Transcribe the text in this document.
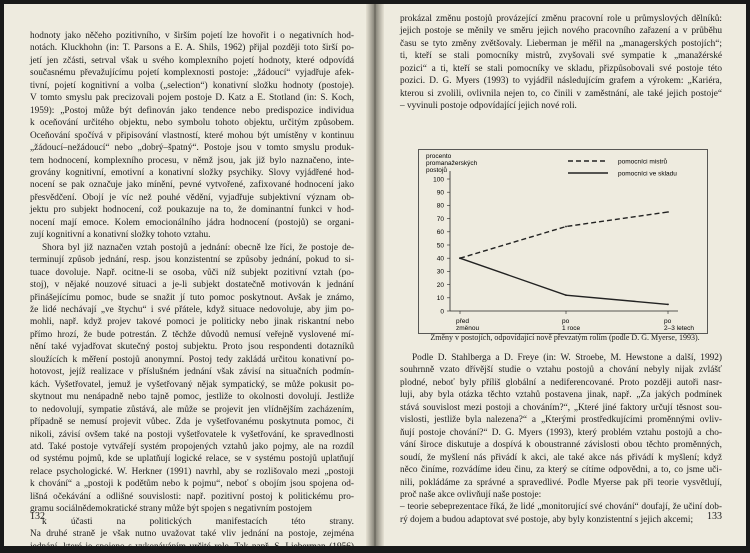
hodnoty jako něčeho pozitivního, v širším pojetí lze hovořit i o negativních hod-
notách. Kluckhohn (in: T. Parsons a E. A. Shils, 1962) přijal později toto širší po-
jetí jen zčásti, setrval však u svého komplexního pojetí hodnoty, které odpovídá
současnému převažujícímu pojetí komplexnosti postoje: „žádoucí“ vyjadřuje afek-
tivní, pojetí kognitivní a volba („selection“) konativní složku hodnoty (postoje).
V tomto smyslu pak precizovali pojem postoje D. Katz a E. Stotland (in: S. Koch,
1959): „Postoj může být definován jako tendence nebo predispozice individua
k oceňování určitého objektu, nebo symbolu tohoto objektu, určitým způsobem.
Oceňování spočívá v připisování vlastností, které mohou být umístěny v kontinuu
„žádoucí–nežádoucí“ nebo „dobrý–špatný“. Postoje jsou v tomto smyslu produk-
tem hodnocení, komplexního procesu, v němž jsou, jak již bylo naznačeno, inte-
grovány kognitivní, emotivní a konativní složky psychiky. Slovy vyjádřené hod-
nocení se pak označuje jako mínění, pevné vytvořené, zafixované hodnocení jako
přesvědčení. Obojí je víc než pouhé vědění, vyjadřuje subjektivní význam ob-
jektu pro subjekt hodnocení, což poukazuje na to, že dominantní funkci v hod-
nocení mají emoce. Kolem emocionálního jádra hodnocení (postojů) se organi-
zují kognitivní a konativní složky tohoto vztahu.
Shora byl již naznačen vztah postojů a jednání: obecně lze říci, že postoje de-
terminují způsob jednání, resp. jsou konzistentní se způsoby jednání, pokud to si-
tuace dovoluje. Např. ocitne-li se osoba, vůči níž subjekt pozitivní vztah (po-
stoj), v nějaké nouzové situaci a je-li subjekt dostatečně motivován k jednání
přinášejícímu pomoc, bude se snažit jí tuto pomoc poskytnout. Avšak je známo,
že lidé nechávají „ve štychu“ i své přátele, když situace nedovoluje, aby jim po-
mohli, např. když projev takové pomoci je politicky nebo jinak riskantní nebo
přímo hrozí, že bude potrestán. Z těchže důvodů nemusí veřejně vyslovené mí-
nění také vyjadřovat skutečný postoj subjektu. Proto jsou respondenti dotazníků
sloužících k měření postojů anonymní. Postoj tedy zakládá určitou konativní po-
hotovost, jejíž realizace v příslušném jednání však závisí na situačních podmín-
kách. Vyšetřovatel, jemuž je vyšetřovaný nějak sympatický, se může pokusit po-
skytnout mu nenápadně nebo tajně pomoc, jestliže to okolnosti dovolují. Jestliže
to nedovolují, sympatie zůstává, ale může se projevit jen vlídnějším zacházením,
případně se nemusí projevit vůbec. Zda je vyšetřovanému poskytnuta pomoc, či
nikoli, závisí ovšem také na postoji vyšetřovatele k vyšetřování, ke spravedlnosti
atd. Také postoje vytvářejí systém propojených vztahů jako pojmy, ale na rozdíl
od systému pojmů, kde se uplatňují logické relace, se v systému postojů uplatňují
relace psychologické. W. Herkner (1991) navrhl, aby se rozlišovalo mezi „postoji
k chování“ a „postoji k podětům nebo k pojmu“, neboť s obojím jsou spojena od-
lišná očekávání a odlišné souvislosti: např. pozitivní postoj k politickému pro-
gramu sociálnědemokratické strany může být spojen s negativním postojem
k účasti na politických manifestacích této strany.
Na druhé straně je však nutno uvažovat také vliv jednání na postoje, zejména
jednání, které je spojeno s vykonáváním určité role. Tak např. S. Lieberman (1956)
132
prokázal změnu postojů provázející změnu pracovní role u průmyslových dělníků:
jejich postoje se měnily ve směru jejich nového pracovního zařazení a v průběhu
času se tyto změny zvětšovaly. Lieberman je měřil na „managerských postojích“;
ti, kteří se stali pomocníky mistrů, zvyšovali své sympatie k „manažérské
pozici“ a ti, kteří se stali pomocníky ve skladu, přizpůsobovali své postoje této
pozici. D. G. Myers (1993) to vyjádřil následujícím grafem a výrokem: „Kariéra,
kterou si zvolili, ovlivnila nejen to, co činili v zaměstnání, ale také jejich postoje“
– vyvinuli postoje odpovídající jejich nové roli.
procento promanažerských postojů
0
10
20
30
40
50
60
70
80
90
100
před změnou
po 1 roce
po 2–3 letech
pomocníci mistrů
pomocníci ve skladu
Změny v postojích, odpovídající nově převzatým rolím (podle D. G. Myerse, 1993).
Podle D. Stahlberga a D. Freye (in: W. Stroebe, M. Hewstone a další, 1992)
souhrnně vzato dřívější studie o vztahu postojů a chování nebyly nijak zvlášť
plodné, neboť byly příliš globální a nediferencované. Proto později autoři nasr-
luji, aby byla otázka těchto vztahů postavena jinak, např. „Za jakých podmínek
stává souvislost mezi postoji a chováním?“, „Které jiné faktory určují těsnost sou-
vislosti, jestliže byla nalezena?“ a „Kterými prostředkujícími proměnnými ovliv-
ňují postoje chování?“ D. G. Myers (1993), který problém vztahu postojů a cho-
vání široce diskutuje a dospívá k oboustranné závislosti obou těchto proměnných,
soudí, že myšlení nás přivádí k akci, ale také akce nás přivádí k myšlení; když
něco činíme, rozvádíme ideu činu, za který se cítíme odpovědni, a to, co jsme uči-
nili, pokládáme za správné a spravedlivé. Podle Myerse pak při teorie vysvětlují,
proč naše akce ovlivňují naše postoje:
– teorie sebeprezentace říká, že lidé „monitorující své chování“ doufají, že učiní dob-
rý dojem a budou adaptovat své postoje, aby byly konzistentní s jejich akcemi;	133
